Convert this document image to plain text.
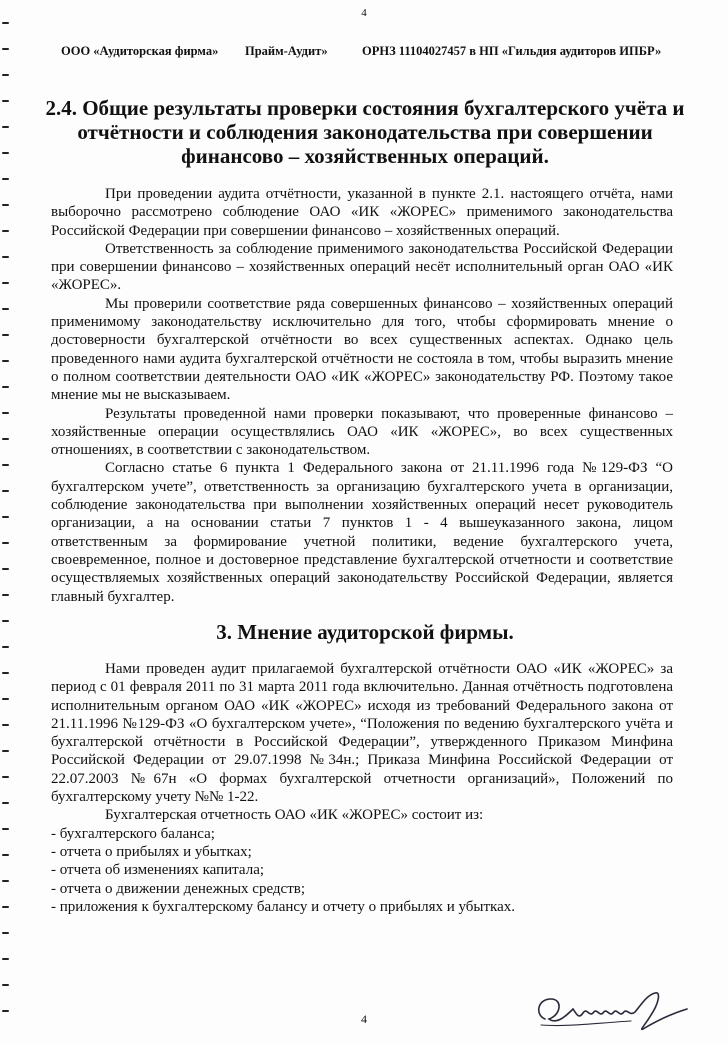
4
ООО «Аудиторская фирма» Прайм-Аудит»	ОРНЗ 11104027457 в НП «Гильдия аудиторов ИПБР»
2.4. Общие результаты проверки состояния бухгалтерского учёта и отчётности и соблюдения законодательства при совершении финансово – хозяйственных операций.

При проведении аудита отчётности, указанной в пункте 2.1. настоящего отчёта, нами выборочно рассмотрено соблюдение ОАО «ИК «ЖОРЕС» применимого законодательства Российской Федерации при совершении финансово – хозяйственных операций.

Ответственность за соблюдение применимого законодательства Российской Федерации при совершении финансово – хозяйственных операций несёт исполнительный орган ОАО «ИК «ЖОРЕС».

Мы проверили соответствие ряда совершенных финансово – хозяйственных операций применимому законодательству исключительно для того, чтобы сформировать мнение о достоверности бухгалтерской отчётности во всех существенных аспектах. Однако цель проведенного нами аудита бухгалтерской отчётности не состояла в том, чтобы выразить мнение о полном соответствии деятельности ОАО «ИК «ЖОРЕС» законодательству РФ. Поэтому такое мнение мы не высказываем.

Результаты проведенной нами проверки показывают, что проверенные финансово – хозяйственные операции осуществлялись ОАО «ИК «ЖОРЕС», во всех существенных отношениях, в соответствии с законодательством.

Согласно статье 6 пункта 1 Федерального закона от 21.11.1996 года №129-ФЗ “О бухгалтерском учете”, ответственность за организацию бухгалтерского учета в организации, соблюдение законодательства при выполнении хозяйственных операций несет руководитель организации, а на основании статьи 7 пунктов 1 - 4 вышеуказанного закона, лицом ответственным за формирование учетной политики, ведение бухгалтерского учета, своевременное, полное и достоверное представление бухгалтерской отчетности и соответствие осуществляемых хозяйственных операций законодательству Российской Федерации, является главный бухгалтер.

3. Мнение аудиторской фирмы.

Нами проведен аудит прилагаемой бухгалтерской отчётности ОАО «ИК «ЖОРЕС» за период с 01 февраля 2011 по 31 марта 2011 года включительно. Данная отчётность подготовлена исполнительным органом ОАО «ИК «ЖОРЕС» исходя из требований Федерального закона от 21.11.1996 №129-ФЗ «О бухгалтерском учете», “Положения по ведению бухгалтерского учёта и бухгалтерской отчётности в Российской Федерации”, утвержденного Приказом Минфина Российской Федерации от 29.07.1998 №34н.; Приказа Минфина Российской Федерации от 22.07.2003 №67н «О формах бухгалтерской отчетности организаций», Положений по бухгалтерскому учету №№ 1-22.

Бухгалтерская отчетность ОАО «ИК «ЖОРЕС» состоит из:

- бухгалтерского баланса;
- отчета о прибылях и убытках;
- отчета об изменениях капитала;
- отчета о движении денежных средств;
- приложения к бухгалтерскому балансу и отчету о прибылях и убытках.
4
